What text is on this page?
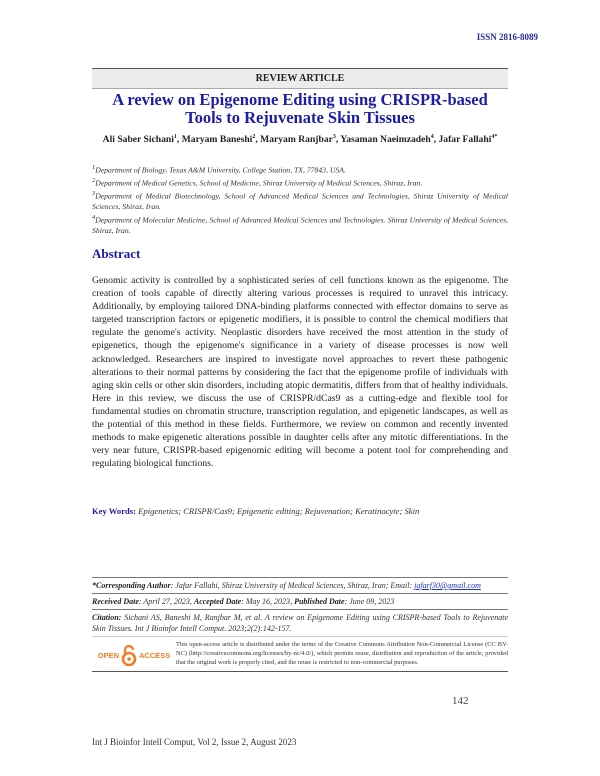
ISSN 2816-8089
REVIEW ARTICLE
A review on Epigenome Editing using CRISPR-based Tools to Rejuvenate Skin Tissues
Ali Saber Sichani$^1$, Maryam Baneshi$^2$, Maryam Ranjbar$^3$, Yasaman Naeimzadeh$^4$, Jafar Fallahi$^{4*}$
$^1$Department of Biology, Texas A&M University, College Station, TX, 77843, USA.
$^2$Department of Medical Genetics, School of Medicine, Shiraz University of Medical Sciences, Shiraz, Iran.
$^3$Department of Medical Biotechnology, School of Advanced Medical Sciences and Technologies, Shiraz University of Medical Sciences, Shiraz, Iran.
$^4$Department of Molecular Medicine, School of Advanced Medical Sciences and Technologies. Shiraz University of Medical Sciences, Shiraz, Iran.
Abstract
Genomic activity is controlled by a sophisticated series of cell functions known as the epigenome. The creation of tools capable of directly altering various processes is required to unravel this intricacy. Additionally, by employing tailored DNA-binding platforms connected with effector domains to serve as targeted transcription factors or epigenetic modifiers, it is possible to control the chemical modifiers that regulate the genome's activity. Neoplastic disorders have received the most attention in the study of epigenetics, though the epigenome's significance in a variety of disease processes is now well acknowledged. Researchers are inspired to investigate novel approaches to revert these pathogenic alterations to their normal patterns by considering the fact that the epigenome profile of individuals with aging skin cells or other skin disorders, including atopic dermatitis, differs from that of healthy individuals. Here in this review, we discuss the use of CRISPR/dCas9 as a cutting-edge and flexible tool for fundamental studies on chromatin structure, transcription regulation, and epigenetic landscapes, as well as the potential of this method in these fields. Furthermore, we review on common and recently invented methods to make epigenetic alterations possible in daughter cells after any mitotic differentiations. In the very near future, CRISPR-based epigenomic editing will become a potent tool for comprehending and regulating biological functions.
Key Words: Epigenetics; CRISPR/Cas9; Epigenetic editing; Rejuvenation; Keratinocyte; Skin
*Corresponding Author: Jafar Fallahi, Shiraz University of Medical Sciences, Shiraz, Iran; Email: jafarf30@gmail.com
Received Date: April 27, 2023, Accepted Date: May 16, 2023, Published Date: June 09, 2023
Citation: Sichani AS, Baneshi M, Ranjbar M, et al. A review on Epigenome Editing using CRISPR-based Tools to Rejuvenate Skin Tissues. Int J Bioinfor Intell Comput. 2023;2(2):142-157.
OPEN	ACCESS
This open-access article is distributed under the terms of the Creative Commons Attribution Non-Commercial License (CC BY-NC) (http://creativecommons.org/licenses/by-nc/4.0/), which permits reuse, distribution and reproduction of the article, provided that the original work is properly cited, and the reuse is restricted to non-commercial purposes.
142
Int J Bioinfor Intell Comput, Vol 2, Issue 2, August 2023
